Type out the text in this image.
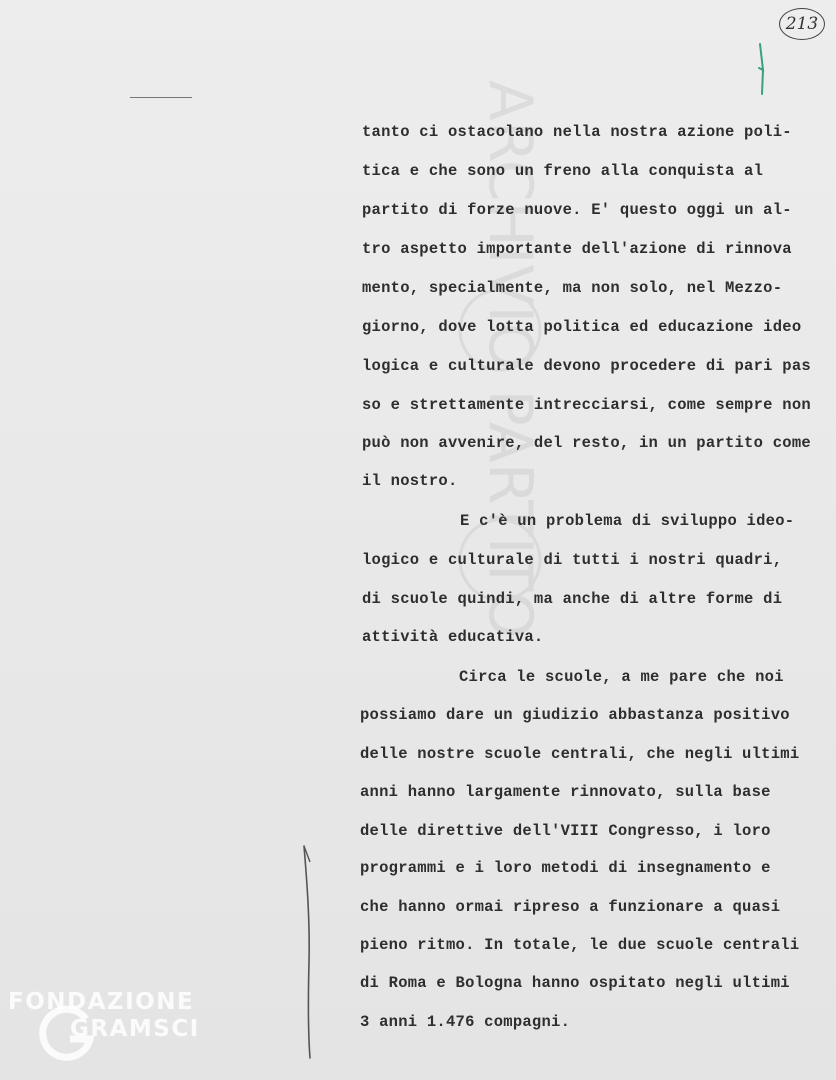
ARCHIVIO PARTITO
213
tanto ci ostacolano nella nostra azione poli-
tica e che sono un freno alla conquista al
partito di forze nuove. E' questo oggi un al-
tro aspetto importante dell'azione di rinnova
mento, specialmente, ma non solo, nel Mezzo-
giorno, dove lotta politica ed educazione ideo
logica e culturale devono procedere di pari pas
so e strettamente intrecciarsi, come sempre non
può non avvenire, del resto, in un partito come
il nostro.
E c'è un problema di sviluppo ideo-
logico e culturale di tutti i nostri quadri,
di scuole quindi, ma anche di altre forme di
attività educativa.
Circa le scuole, a me pare che noi
possiamo dare un giudizio abbastanza positivo
delle nostre scuole centrali, che negli ultimi
anni hanno largamente rinnovato, sulla base
delle direttive dell'VIII Congresso, i loro
programmi e i loro metodi di insegnamento e
che hanno ormai ripreso a funzionare a quasi
pieno ritmo. In totale, le due scuole centrali
di Roma e Bologna hanno ospitato negli ultimi
3 anni 1.476 compagni.
FONDAZIONE
GRAMSCI
